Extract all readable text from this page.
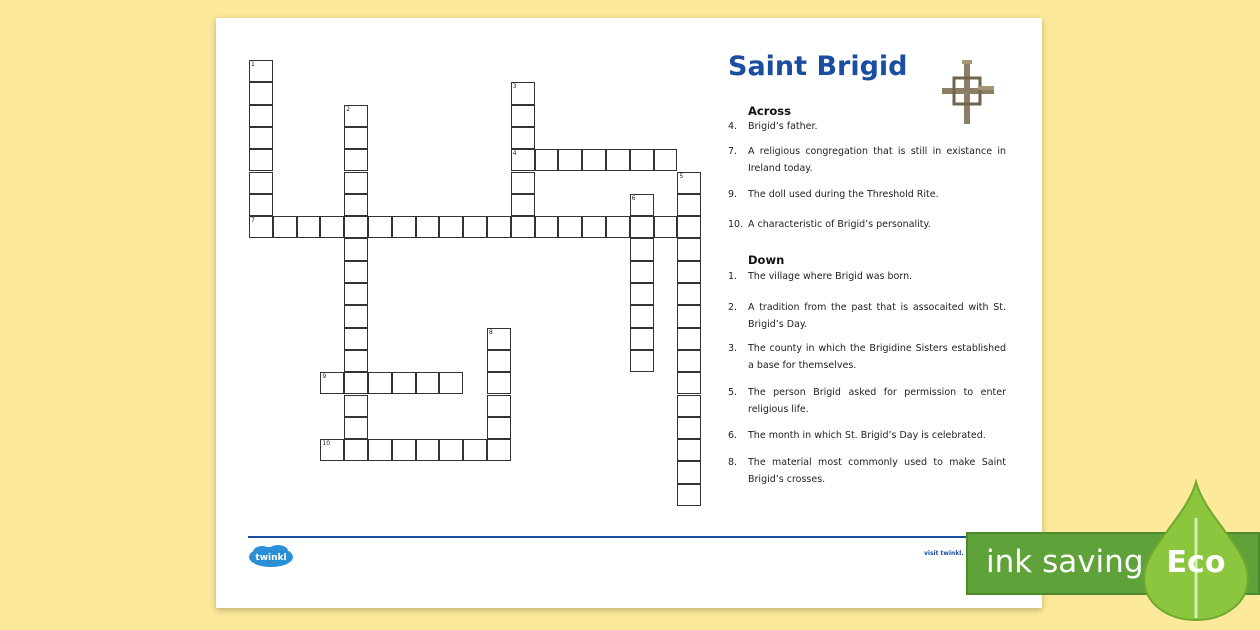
1
7
2
3
4
5
6
8
9
10
Saint Brigid
Across
4.	Brigid’s father.
7.	A religious congregation that is still in existance in Ireland today.
9.	The doll used during the Threshold Rite.
10. A characteristic of Brigid’s personality.
Down
1.	The village where Brigid was born.
2.	A tradition from the past that is assocaited with St. Brigid’s Day.
3.	The county in which the Brigidine Sisters established a base for themselves.
5.	The person Brigid asked for permission to enter religious life.
6.	The month in which St. Brigid’s Day is celebrated.
8.	The material most commonly used to make Saint Brigid’s crosses.
twinkl	visit twinkl. ink saving Eco
